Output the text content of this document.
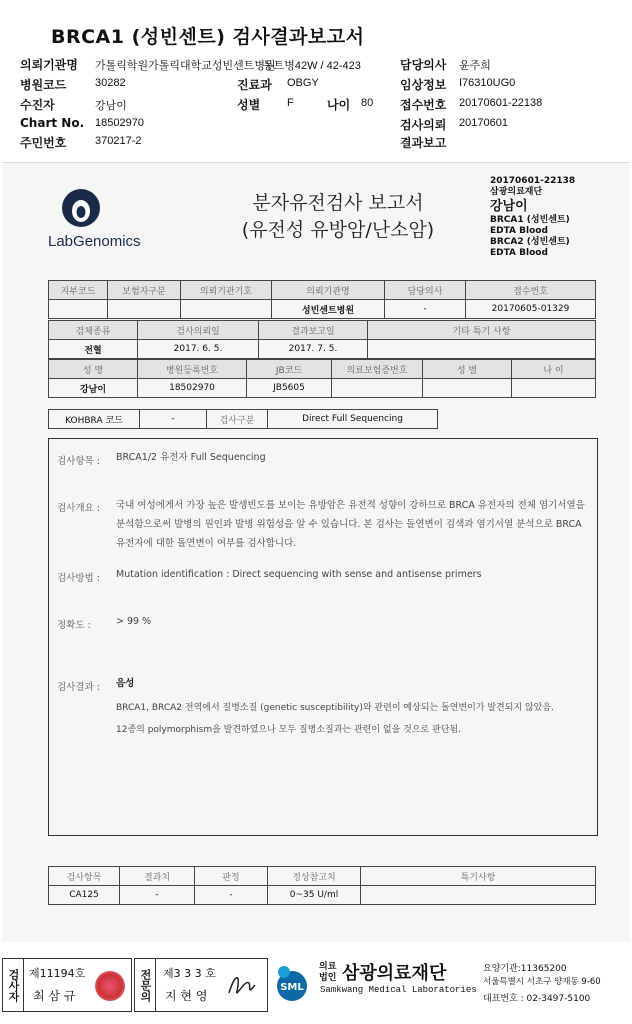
BRCA1 (성빈센트) 검사결과보고서
의뢰기관명 가톨릭학원가톨릭대학교성빈센트병원
동트병42W / 42-423
병원코드	30282
수진자	강남이
Chart No. 18502970
주민번호	370217-2
진료과 OBGY
성별 F	나이 80
담당의사 윤주희
임상정보 I76310UG0
접수번호 20170601-22138
검사의뢰 20170601
결과보고
LabGenomics
분자유전검사 보고서
(유전성 유방암/난소암)
20170601-22138
삼광의료재단
강남이
BRCA1 (성빈센트)
EDTA Blood
BRCA2 (성빈센트)
EDTA Blood
지부코드	보험자구분	의뢰기관기호	의뢰기관명	담당의사	접수번호
			성빈센트병원	-	20170605-01329
검체종류	검사의뢰일	결과보고일	기타 특기 사항
전혈	2017. 6. 5.	2017. 7. 5.	
성 명	병원등록번호	JB코드	의료보험증번호	성 별	나 이
강남이	18502970	JB5605			
KOHBRA 코드	-	검사구분	Direct Full Sequencing
검사항목 : BRCA1/2 유전자 Full Sequencing
검사개요 : 국내 여성에게서 가장 높은 발생빈도를 보이는 유방암은 유전적 성향이 강하므로 BRCA 유전자의 전체 염기서열을 분석함으로써 발병의 원인과 발병 위험성을 알 수 있습니다. 본 검사는 돌연변이 검색과 염기서열 분석으로 BRCA 유전자에 대한 돌연변이 여부를 검사합니다.
검사방법 : Mutation identification : Direct sequencing with sense and antisense primers
정확도 :	> 99 %
검사결과 : 음성
BRCA1, BRCA2 전역에서 질병소질 (genetic susceptibility)와 관련이 예상되는 돌연변이가 발견되지 않았음.
12종의 polymorphism을 발견하였으나 모두 질병소질과는 관련이 없을 것으로 판단됨.
검사항목	결과치	판정	정상참고치	특기사항
CA125	-	-	0~35 U/ml	
검사자 제11194호
최 삼 규	전문의	제3 3 3 호
지 현 영
SML
의료
법인 삼광의료재단
Samkwang Medical Laboratories
요양기관:11365200
서울특별시 서초구 양재동 9-60
대표번호 : 02-3497-5100
